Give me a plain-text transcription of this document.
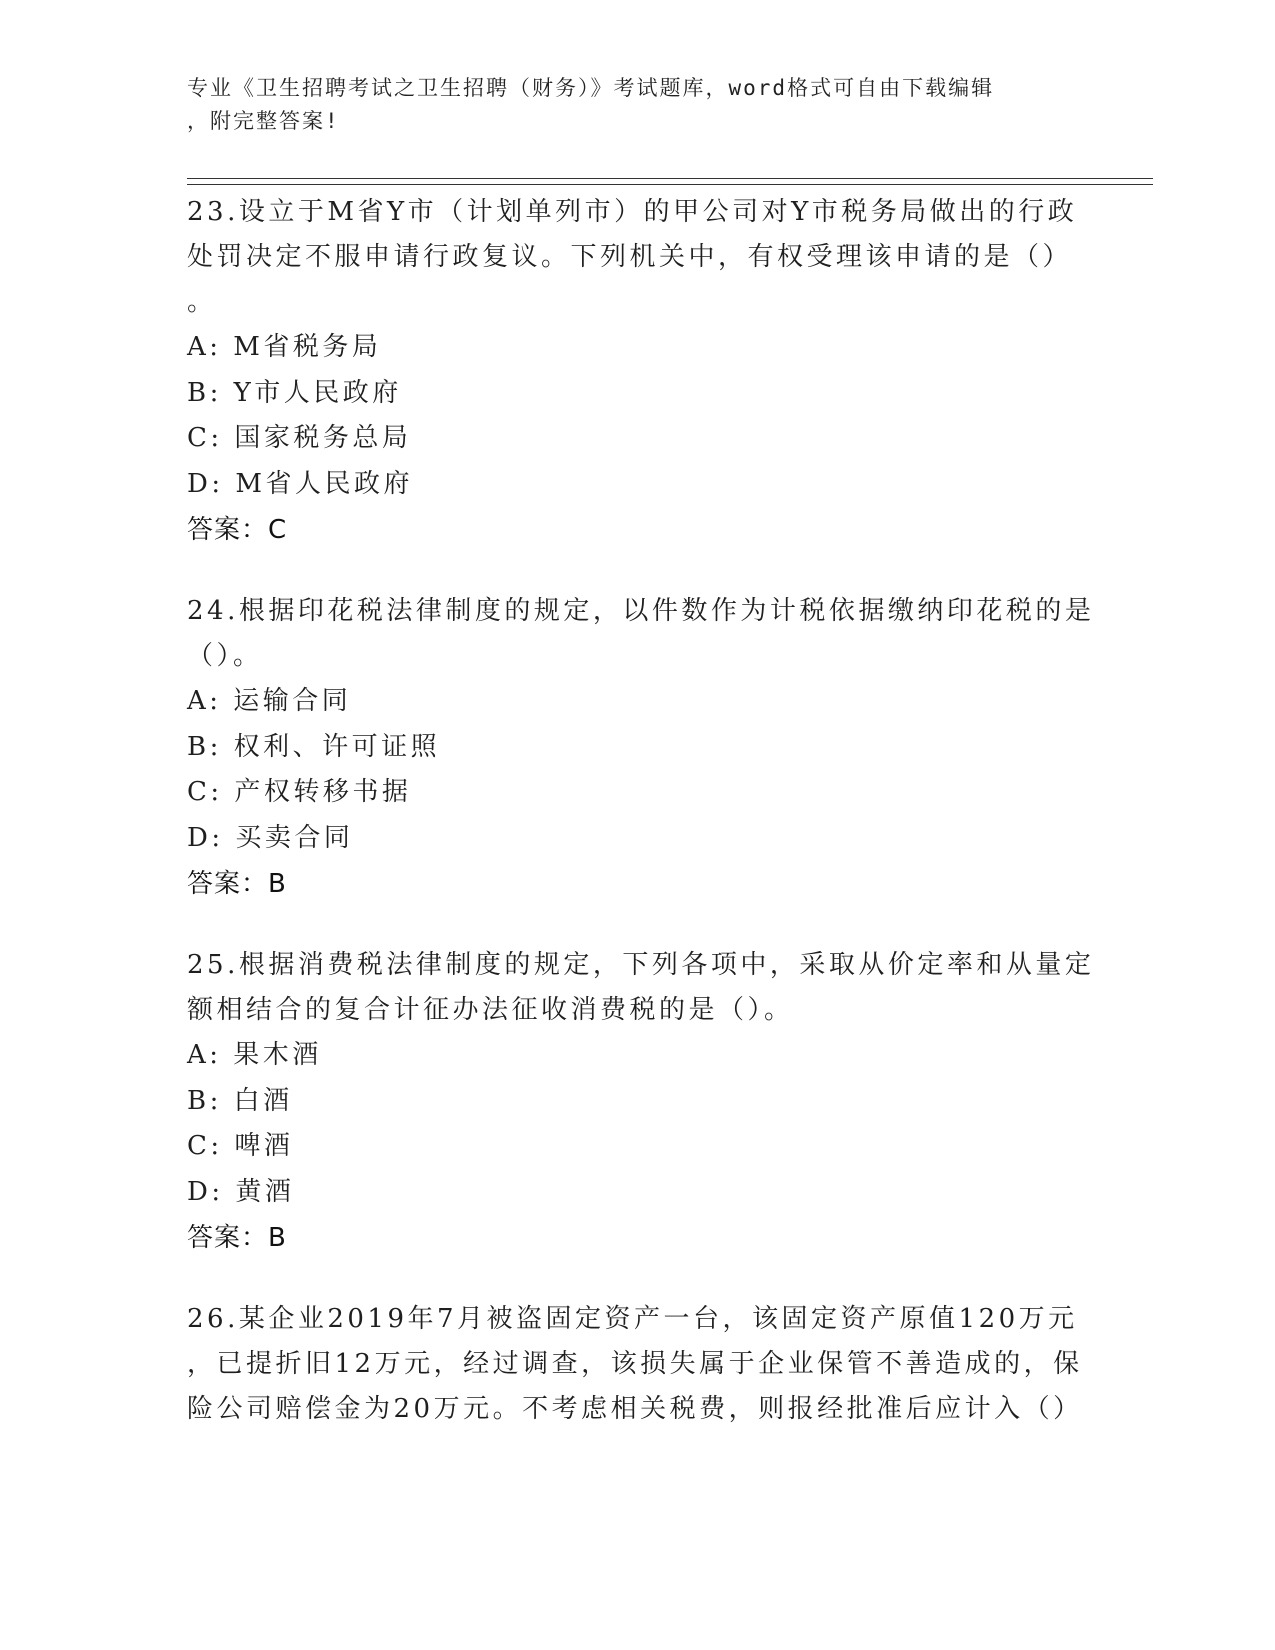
专业《卫生招聘考试之卫生招聘（财务）》考试题库，word格式可自由下载编辑
，附完整答案!
23.设立于M省Y市（计划单列市）的甲公司对Y市税务局做出的行政
处罚决定不服申请行政复议。下列机关中，有权受理该申请的是（）
。
A: M省税务局
B: Y市人民政府
C: 国家税务总局
D: M省人民政府
答案：C
24.根据印花税法律制度的规定，以件数作为计税依据缴纳印花税的是
（）。
A: 运输合同
B: 权利、许可证照
C: 产权转移书据
D: 买卖合同
答案：B
25.根据消费税法律制度的规定，下列各项中，采取从价定率和从量定
额相结合的复合计征办法征收消费税的是（）。
A: 果木酒
B: 白酒
C: 啤酒
D: 黄酒
答案：B
26.某企业2019年7月被盗固定资产一台，该固定资产原值120万元
，已提折旧12万元，经过调查，该损失属于企业保管不善造成的，保
险公司赔偿金为20万元。不考虑相关税费，则报经批准后应计入（）
